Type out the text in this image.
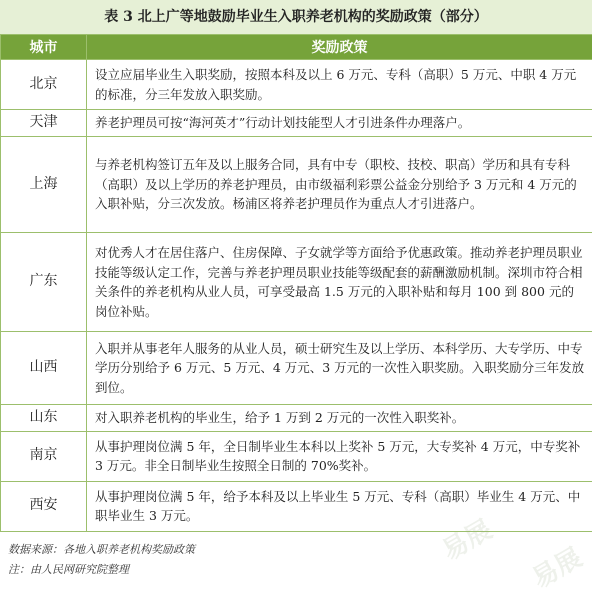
表 3 北上广等地鼓励毕业生入职养老机构的奖励政策（部分）
城市	奖励政策
北京	设立应届毕业生入职奖励，按照本科及以上 6 万元、专科（高职）5 万元、中职 4 万元的标准，分三年发放入职奖励。
天津	养老护理员可按“海河英才”行动计划技能型人才引进条件办理落户。
上海	与养老机构签订五年及以上服务合同，具有中专（职校、技校、职高）学历和具有专科（高职）及以上学历的养老护理员，由市级福利彩票公益金分别给予 3 万元和 4 万元的入职补贴，分三次发放。杨浦区将养老护理员作为重点人才引进落户。
广东	对优秀人才在居住落户、住房保障、子女就学等方面给予优惠政策。推动养老护理员职业技能等级认定工作，完善与养老护理员职业技能等级配套的薪酬激励机制。深圳市符合相关条件的养老机构从业人员，可享受最高 1.5 万元的入职补贴和每月 100 到 800 元的岗位补贴。
山西	入职并从事老年人服务的从业人员，硕士研究生及以上学历、本科学历、大专学历、中专学历分别给予 6 万元、5 万元、4 万元、3 万元的一次性入职奖励。入职奖励分三年发放到位。
山东	对入职养老机构的毕业生，给予 1 万到 2 万元的一次性入职奖补。
南京	从事护理岗位满 5 年，全日制毕业生本科以上奖补 5 万元，大专奖补 4 万元，中专奖补 3 万元。非全日制毕业生按照全日制的 70%奖补。
西安	从事护理岗位满 5 年，给予本科及以上毕业生 5 万元、专科（高职）毕业生 4 万元、中职毕业生 3 万元。
数据来源：各地入职养老机构奖励政策
注：由人民网研究院整理
易展
易展
